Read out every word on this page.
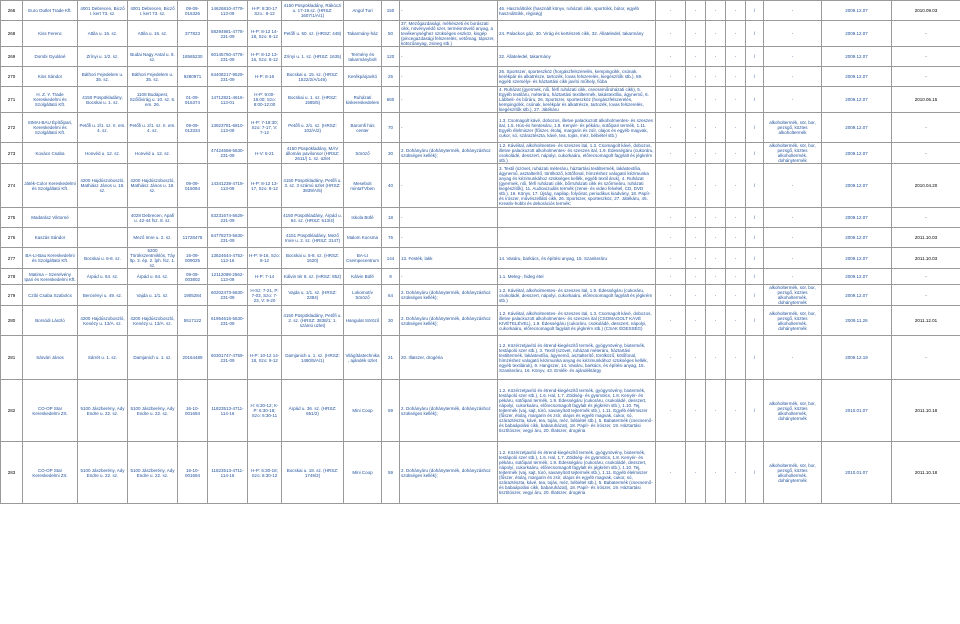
266	Euro Outlet Trade Kft.	4001 Debrecen, Bicző I. kert 73. sz.	4001 Debrecen, Bicző I. kert 73. sz.	09-09-016326	14626810-4779-113-09	H-P: 8:30-17 Szo.: 8-12	4150 Püspökladány, Rákóczi u. 17-19.sz. (HRSZ: 1607/1/A/1)	Angol Turi	150	-	46. Használtcikk (használt könyv, ruházati cikk, sportcikk, bútor, egyéb használtcikk, régiség)	-	-	-	-	/	-	2009.12.07	2010.09.03
268	Kiss Ferenc	Attila u. 16. sz.	Attila u. 16. sz.	377823	58294981-4778-231-09	H-P: 8-12 14-18, Szo: 8-12	Petőfi u. 50. sz. (HRSZ: 448)	Takarmány-ház	50	37. Mezőgazdasági, méhészeti és borászati cikk, növényvédő szer, termésnövelő anyag, a tevékenységhez szükséges eszköz, kisgép (pincegazdasági felszerelés, vetőmag, tápszer, kötözőanyag, zsineg stb.)	24. Palackos gáz, 30. Virág és kertészeti cikk, 32. Állateledel, takarmány	-	-	-	-	/	-	2009.12.07	-
269	Dombi Gyuláné	Zrínyi u. 1/2. sz.	Budai Nagy Antal u. 8. sz.	18565230	60145750-4778-231-09	H-P: 8-12 13-16, Szo: 8-12	Zrínyi u. 1. sz. (HRSZ: 1635)	Termény és takarmánybolt	120	-	32. Állateledel, takarmány	-	-	-	-	/	-	2009.12.07	-
270	Kiss Sándor	Báthori Fejedelem u. 35. sz.	Báthori Fejedelem u. 35. sz.	9280971	64408217-9529-231-09	H-P: 8-16	Bocskai u. 15. sz. (HRSZ: 1522/2/A/146)	Kerékpárjavító	25	-	26. Sportszer, sporteszköz (horgászfelszerelés, kempingcikk, csónak, kerékpár és alkatrésze, tartozék, lovas felszerelés, kiegészítők stb.), 59. egyéb személyi- és háztartási cikk javító műhely, fióba	-	-	-	-	/	-	2009.12.07	-
271	H. Z. Y. Trade Kereskedelmi és Szolgáltató Kft.	4150 Püspökladány, Bocskai u. 1. sz.	1108 Budapest, Szőlővirág u. 10. sz. 6. em. 26.	01-09-916374	14712821-4616-113-01	H-P: 9:00-18.00; Szo: 8:00-12:00	Bocskai u. 1. sz. (HRSZ: 1585/5)	Ruházati kiskereskedelem	660	-	4. Ruházat (gyermek, női, férfi ruházati cikk, csecsemőruházati cikk), 5. Egyéb textiláru, méteráru, háztartási textiltermék, lakástextília, ágynemű, 6. Lábbeli- és bőráru, 26. Sportszer, sporteszköz (horgászfelszerelés, kempingcikk, csónak, kerékpár és alkatrésze, tartozék, lovas felszerelés, kiegészítők stb.), 27. Játékáru	-	-	-	-	/	-	2009.12.07	2010.06.15
272	SIMAI-BAU Építőipari, Kereskedelmi és Szolgáltató Kft.	Petőfi u. 2/1. sz. II. em. 4. sz.	Petőfi u. 2/1. sz. II. em. 4. sz.	09-09-013334	13923781-6810-113-09	H-P: 7-18:30; Szo: 7-17, V: 7-12	Petőfi u. 2/1. sz. (HRSZ: 102/A/2)	Baromfi hús center	70	-	1.3. Csomagolt kávé, dobozos, illetve palackozott alkoholmentes- és szeszes ital, 1.5. Hús-és hentesáru, 1.8. Kenyér- és pékáru, sütőipari termék, 1.11. Egyéb élelmiszer (fűszer, étolaj, margarin és zsír, olajos és egyéb magvak, cukor, só, száraztészta, kávé, tea, tojás, méz, bébiétel stb.)	-	-	-	-	/	alkoholtermék, sör, bor, pezsgő, köztes alkoholtermék	2009.12.07	-
273	Kovács Csaba	Honvéd u. 12. sz.	Honvéd u. 12. sz.		47424658-5630-231-09	H-V: 5-21	4150 Püspökladány, MÁV állomás pavilonsor (HRSZ: 2611/) 1. sz. üzlet	Söröző	30	2. Dohányáru (dohánytermék, dohányzáshoz szükséges kellék);	1.2. Kávéital, alkoholmentes- és szeszes ital, 1.3. Csomagolt kávé, dobozos, illetve palackozott alkoholmentes- és szeszes ital, 1.9. Édességáru (cukoráru, csokoládé, desszert, nápolyi, cukorkaáru, előrecsomagolt fagylalt és jégkrém stb.)	-	-	-	-	/	alkoholtermék, sör, bor, pezsgő, köztes alkoholtermék, dohánytermék	2009.12.07	-
274	Játék-Color Kereskedelmi és Szolgáltató Kft.	4200 Hajdúszoboszló, Mathiász János u. 18. sz.	4200 Hajdúszoboszló, Mathiász János u. 18. sz.	09-09-015084	14341238-4719-113-09	H-P: 8-12 13-17, Szo: 8-12	4150 Püspökladány, Petőfi u. 3. sz. 3 számú üzlet (HRSZ: 3839/A/5)	Meseboit mintaTVben	40	-	3. Textil (szövet, ruházati méteráru, háztartási textiltermék, lakástextília, ágynemű, asztalterítő, törölköző, kötőfonal, hímzéshez valogató kézimunka anyag és kézimunkához szükséges kellék, egyéb textil áruk), 4. Ruházat (gyermek, női, férfi ruházati cikk, bőrruházati cikk és szőrmeáru, ruházati kiegészítők), 11. Audiovizuális termék (zenei- és video felvétel, CD, DVD stb.), 16. Könyv, 17. Újság, napilap, folyóirat, periodikus kiadvány, 18. Papír- és írószer, művészellátó cikk, 26. Sportszer, sporteszköz, 27. Játékáru, 45. Kreatív-hobbi és dekorációs termék;	-	-	-	-	/	-	2009.12.07	2010.04.20
275	Madarász Viktorné		4028 Debrecen, Apafi u. 42-44 fsz. 8. sz.		63231674-5629-231-09		4150 Püspökladány, Árpád u. 64. sz. (HRSZ: 513/4)	Iskola Büfé	18	-		-	-	-	-	/	-	2009.12.07	-
276	Kaszás Sándor		Mező Imre u. 2. sz.	11728478	64778273-5630-231-09		4151 Püspökladány, Mező Imre u. 2. sz. (HRSZ: 3147)	Malom Kocsma	76	-		-	-	-	-	/	-	2009.12.07	2011.10.03
277	BA-LI-Bau Kereskedelmi és Szolgáltató Kft.	Bocskai u. 6-8. sz.	5200 Törökszentmiklós, Táy ltp. 3. ép. 2. lph. fsz. 1. sz.	16-09-009025	13824644-4752-113-16	H-P: 9-16, Szo: 8-12	Bocskai u. 6-8. sz. (HRSZ: 1620)	BA-LI Csempecentrum	144	13. Festék, lakk	14. Vasáru, barkács, és építési anyag, 15. Szaniteráru	-	-	-	-	/	-	2009.12.07	2011.10.03
278	Matima – Szerelvény Ipari és Kereskedelmi Kft.	Árpád u. 64. sz.	Árpád u. 64. sz.	09-09-003802	12112098-2562-113-09	H-P: 7-14	Kálvin tér 8. sz. (HRSZ: 852)	Kálvin Büfé	9	-	1.1. Meleg-, hideg étel	-	-	-	-	/	-	2009.12.07	-
279	Czibi Csaba Szabolcs	Bercsényi u. 49. sz.	Vajda u. 1/1. sz.	1905284	60202473-5630-231-09	H-Sz: 7-21, P: 7-03, Szo: 7-23, V: 9-20	Vajda u. 1/1. sz. (HRSZ: 2384)	Lokomotív Söröző	64	2. Dohányáru (dohánytermék, dohányzáshoz szükséges kellék);	1.2. Kávéital, alkoholmentes- és szeszes ital, 1.9. Édességáru (cukoráru, csokoládé, desszert, nápolyi, cukorkaáru, előrecsomagolt fagylalt és jégkrém stb.)	-	-	-	-	/	alkoholtermék, sör, bor, pezsgő, köztes alkoholtermék, dohánytermék	2009.12.07	-
280	Borsódi László	4200 Hajdúszoboszló, Kenézy u. 13/A. sz.	4200 Hajdúszoboszló, Kenézy u. 13/A. sz.	5517122	61954616-5630-231-09		4150 Püspökladány, Petőfi u. 2. sz. (HRSZ: 3838/1; 1. számú üzlet)	Hangulat Söröző	30	2. Dohányáru (dohánytermék, dohányzáshoz szükséges kellék);	1.2. Kávéital, alkoholmentes- és szeszes ital, 1.3. Csomagolt kávé, dobozos, illetve palackozott alkoholmentes- és szeszes ital (CSOMAGOLT KÁVÉ KIVÉTELÉVEL), 1.9. Édességáru (cukoráru, csokoládé, desszert, nápolyi, cukorkaáru, előrecsomagolt fagylalt és jégkrém stb.) (CSAK ÉDESSÉG)	-	-	-	-	/	alkoholtermék, sör, bor, pezsgő, köztes alkoholtermék, dohánytermék	2009.11.26	2011.12.01
281	Sárvári János	Sárrét u. 1. sz.	Damjanich u. 1. sz.	20164489	60301747-4759-231-09	H-P: 10-12 14-18, Szo: 9-12	Damjanich u. 1. sz. (HRSZ: 1480/5/A/1)	Világítástechnika, ajándék üzlet	21	20. Illatszer, drogéria	1.2. Közérzetjavító és étrend-kiegészítő termék, gyógynövény, biotermék, testápoló szer stb.), 3. Textil (szövet, ruházati méteráru, háztartási textiltermék, lakástextília, ágynemű, asztalterítő, törölköző, kötőfonal, hímzéshez valogató kézimunka anyag és kézimunkához szükséges kellék, egyéb textiláruk), 9. Hangszer, 14. Vasáru, barkács, és építési anyag, 15. Szaniteráru, 16. Könyv, 43. Emlék- és ajándéktárgy	-	-	-	-	/	-	2009.12.19	-
282	CO-OP Star Kereskedelmi Zrt.	5100 Jászberény, Ady Endre u. 22. sz.	5100 Jászberény, Ady Endre u. 22. sz.	16-10-001694	11823513-4711-114-16	H: 6:30-12; K-P: 6:30-18; Szo: 6:30-11	Árpád u. 36. sz. (HRSZ: 651/2)	Mini Coop	59	2. Dohányáru (dohánytermék, dohányzáshoz szükséges kellék);	1.2. Közérzetjavító és étrend-kiegészítő termék, gyógynövény, biotermék, testápoló szer stb.), 1.6. Hal, 1.7. Zöldség- és gyümölcs, 1.8. Kenyér- és pékáru, sütőipari termék, 1.9. Édességáru (cukoráru, csokoládé, desszert, nápolyi, cukorkaáru, előrecsomagolt fagylalt és jégkrém stb.), 1.10. Tej, tejtermék (vaj, sajt, túró, savanyított tejtermék stb.), 1.11. Egyéb élelmiszer (fűszer, étolaj, margarin és zsír, olajos és egyéb magvak, cukor, só, száraztészta, kávé, tea, tojás, méz, bébiétel stb.), 5. Babatermék (csecsemő- és babaápolási cikk, babaruházat), 18. Papír- és írószer, 19. Háztartási tisztítószer, vegyi áru, 20. Illatszer, drogéria	-	-	-	-	/	alkoholtermék, sör, bor, pezsgő, köztes alkoholtermék, dohánytermék	2010.01.07	2011.10.18
283	CO-OP Star Kereskedelmi Zrt.	5100 Jászberény, Ady Endre u. 22. sz.	5100 Jászberény, Ady Endre u. 22. sz.	16-10-001694	11823513-4711-114-16	H-P: 6:30-18; Szo: 6:30-12	Bocskai u. 18. sz. (HRSZ: 1749/2)	Mini Coop	59	2. Dohányáru (dohánytermék, dohányzáshoz szükséges kellék);	1.2. Közérzetjavító és étrend-kiegészítő termék, gyógynövény, biotermék, testápoló szer stb.), 1.6. Hal, 1.7. Zöldség- és gyümölcs, 1.8. Kenyér- és pékáru, sütőipari termék, 1.9. Édességáru (cukoráru, csokoládé, desszert, nápolyi, cukorkaáru, előrecsomagolt fagylalt és jégkrém stb.), 1.10. Tej, tejtermék (vaj, sajt, túró, savanyított tejtermék stb.), 1.11. Egyéb élelmiszer (fűszer, étolaj, margarin és zsír, olajos és egyéb magvak, cukor, só, száraztészta, kávé, tea, tojás, méz, bébiétel stb.), 5. Babatermék (csecsemő- és babaápolási cikk, babaruházat), 18. Papír- és írószer, 19. Háztartási tisztítószer, vegyi áru, 20. Illatszer, drogéria	-	-	-	-	/	alkoholtermék, sör, bor, pezsgő, köztes alkoholtermék, dohánytermék	2010.01.07	2011.10.18
